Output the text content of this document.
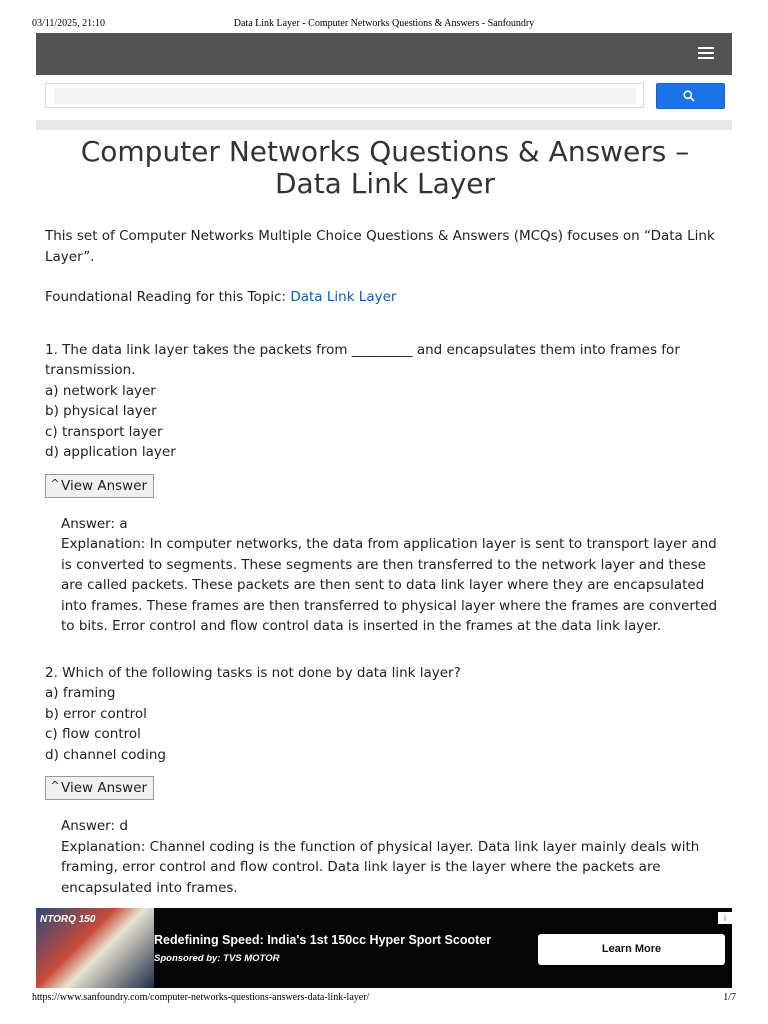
03/11/2025, 21:10	Data Link Layer - Computer Networks Questions & Answers - Sanfoundry
Computer Networks Questions & Answers –
Data Link Layer

This set of Computer Networks Multiple Choice Questions & Answers (MCQs) focuses on “Data Link Layer”.

Foundational Reading for this Topic: Data Link Layer

1. The data link layer takes the packets from _________ and encapsulates them into frames for transmission.
a) network layer
b) physical layer
c) transport layer
d) application layer
^View Answer
Answer: a
Explanation: In computer networks, the data from application layer is sent to transport layer and is converted to segments. These segments are then transferred to the network layer and these are called packets. These packets are then sent to data link layer where they are encapsulated into frames. These frames are then transferred to physical layer where the frames are converted to bits. Error control and flow control data is inserted in the frames at the data link layer.
2. Which of the following tasks is not done by data link layer?
a) framing
b) error control
c) flow control
d) channel coding
^View Answer
Answer: d
Explanation: Channel coding is the function of physical layer. Data link layer mainly deals with framing, error control and flow control. Data link layer is the layer where the packets are encapsulated into frames.
NTORQ 150
Redefining Speed: India's 1st 150cc Hyper Sport Scooter
Sponsored by: TVS MOTOR
Learn More
i
https://www.sanfoundry.com/computer-networks-questions-answers-data-link-layer/	1/7
